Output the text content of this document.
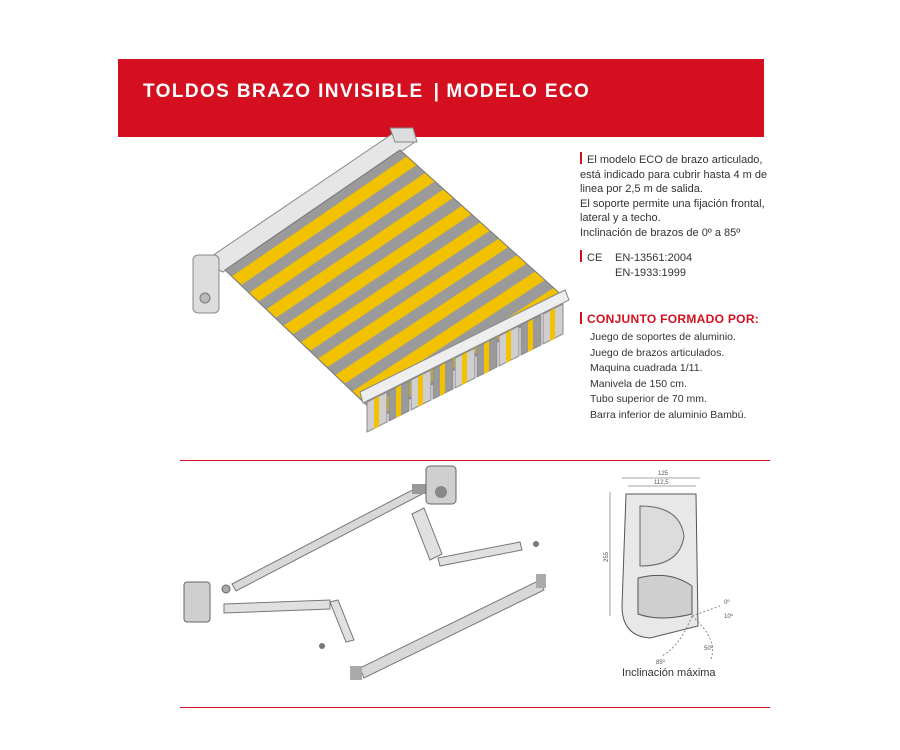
TOLDOS BRAZO INVISIBLE | MODELO ECO

El modelo ECO de brazo articulado,

está indicado para cubrir hasta 4 m de

linea por 2,5 m de salida.

El soporte permite una fijación frontal,

lateral y a techo.

Inclinación de brazos de 0º a 85º

CE EN-13561:2004
EN-1933:1999
CONJUNTO FORMADO POR:
Juego de soportes de aluminio.
Juego de brazos articulados.
Maquina cuadrada 1/11.
Manivela de 150 cm.
Tubo superior de 70 mm.
Barra inferior de aluminio Bambú.
125
112,5
255
0º
10º
50º
85º
Inclinación máxima
